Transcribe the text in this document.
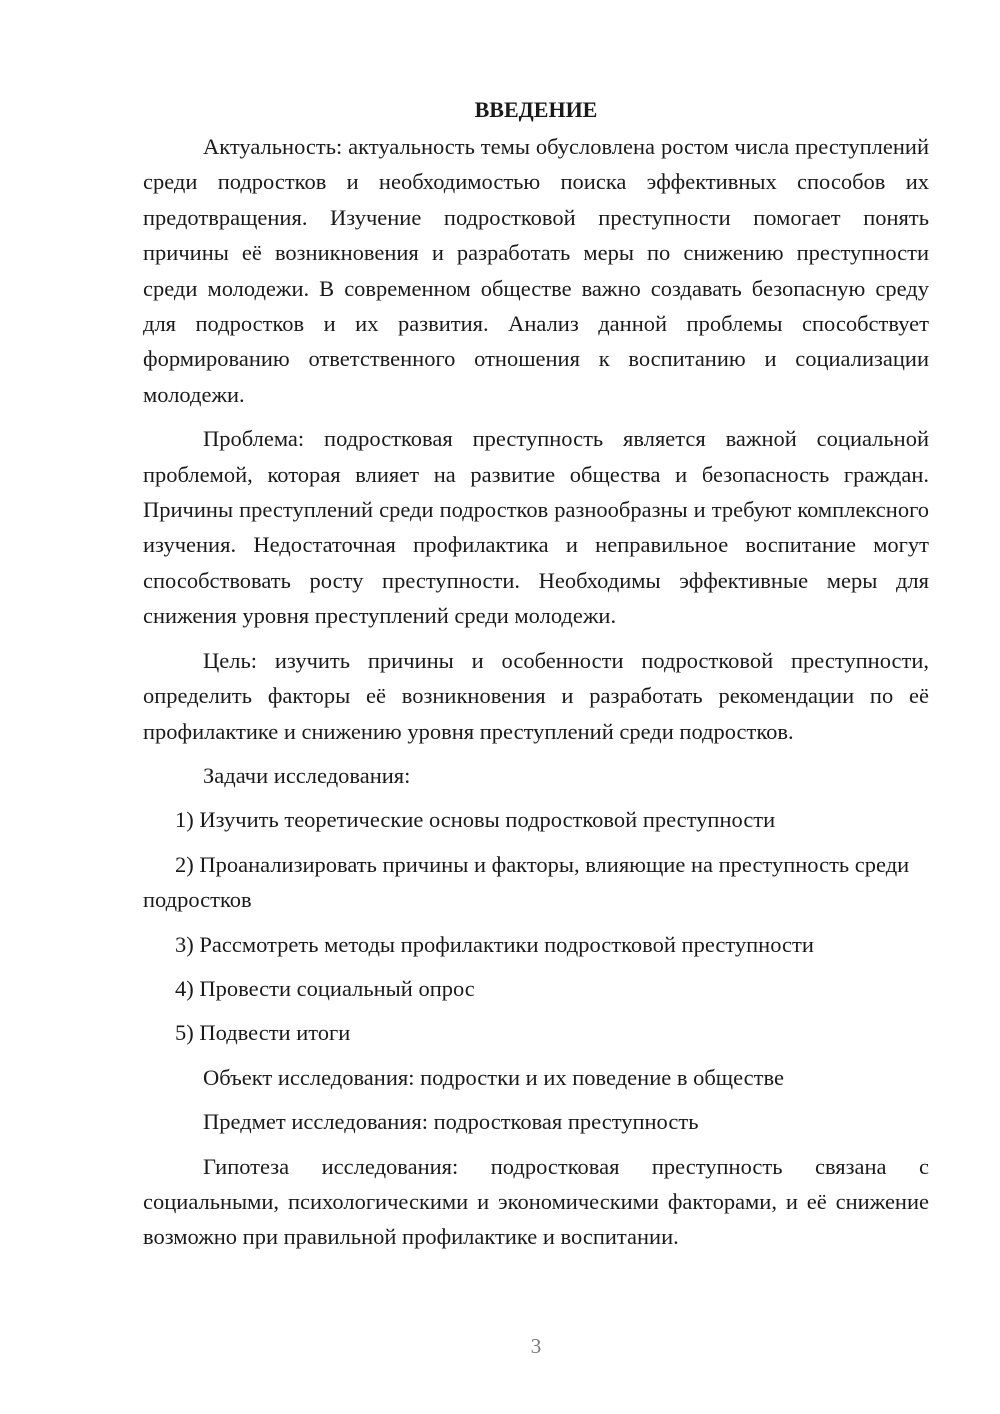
ВВЕДЕНИЕ

Актуальность: актуальность темы обусловлена ростом числа преступлений среди подростков и необходимостью поиска эффективных способов их предотвращения. Изучение подростковой преступности помогает понять причины её возникновения и разработать меры по снижению преступности среди молодежи. В современном обществе важно создавать безопасную среду для подростков и их развития. Анализ данной проблемы способствует формированию ответственного отношения к воспитанию и социализации молодежи.

Проблема: подростковая преступность является важной социальной проблемой, которая влияет на развитие общества и безопасность граждан. Причины преступлений среди подростков разнообразны и требуют комплексного изучения. Недостаточная профилактика и неправильное воспитание могут способствовать росту преступности. Необходимы эффективные меры для снижения уровня преступлений среди молодежи.

Цель: изучить причины и особенности подростковой преступности, определить факторы её возникновения и разработать рекомендации по её профилактике и снижению уровня преступлений среди подростков.

Задачи исследования:

1) Изучить теоретические основы подростковой преступности

2) Проанализировать причины и факторы, влияющие на преступность среди подростков

3) Рассмотреть методы профилактики подростковой преступности

4) Провести социальный опрос

5) Подвести итоги

Объект исследования: подростки и их поведение в обществе

Предмет исследования: подростковая преступность

Гипотеза исследования: подростковая преступность связана с социальными, психологическими и экономическими факторами, и её снижение возможно при правильной профилактике и воспитании.

3
